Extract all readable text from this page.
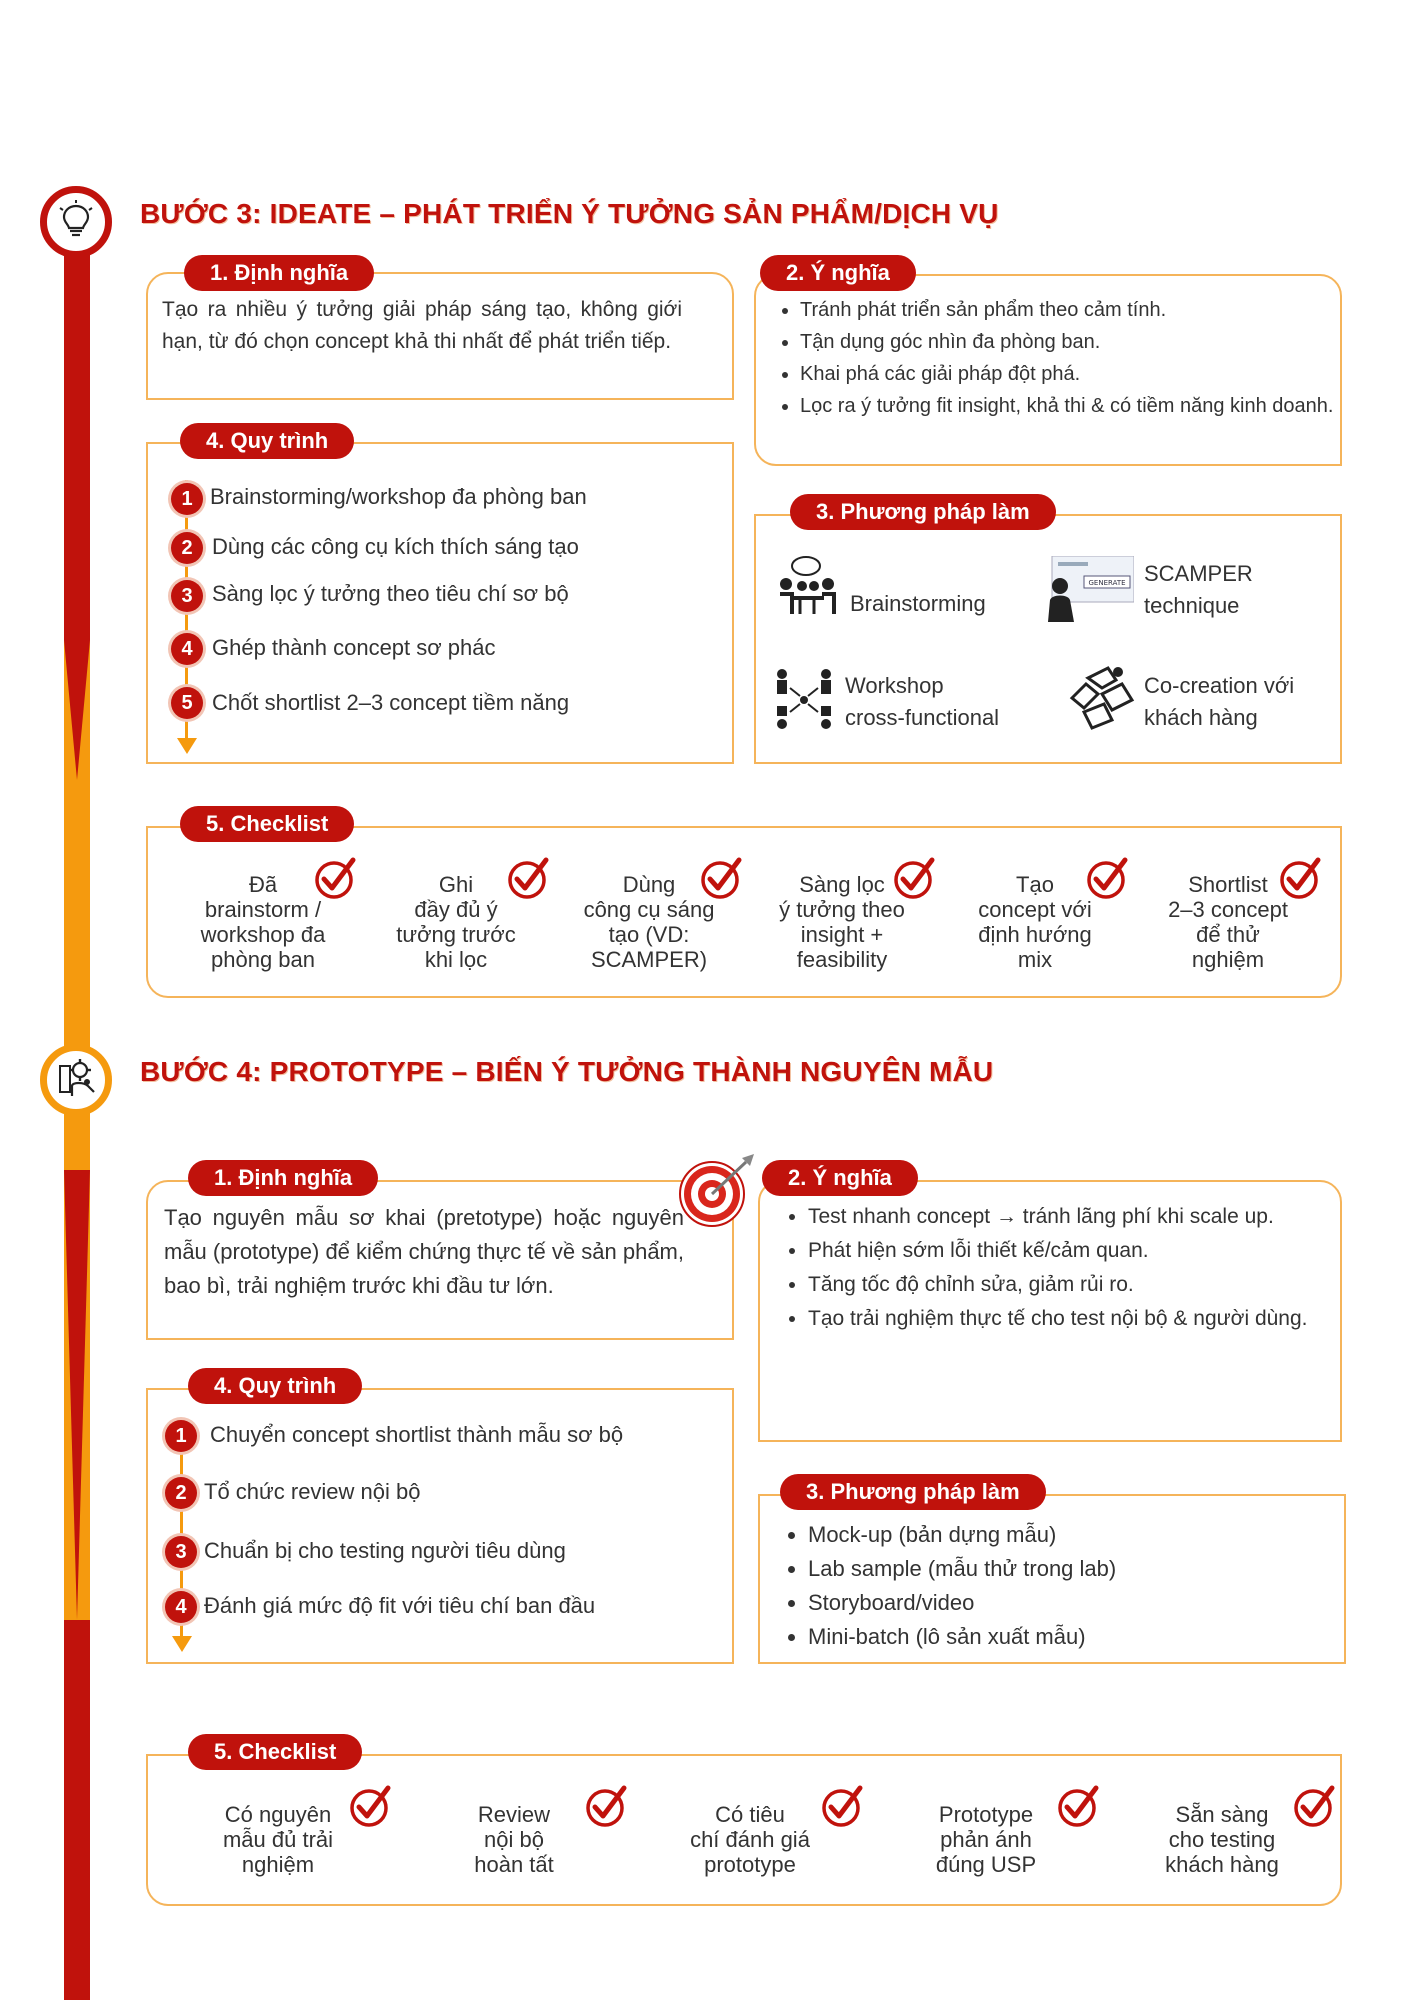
BƯỚC 3: IDEATE – PHÁT TRIỂN Ý TƯỞNG SẢN PHẨM/DỊCH VỤ
1. Định nghĩa
Tạo ra nhiều ý tưởng giải pháp sáng tạo, không giới hạn, từ đó chọn concept khả thi nhất để phát triển tiếp.
2. Ý nghĩa
• Tránh phát triển sản phẩm theo cảm tính.
• Tận dụng góc nhìn đa phòng ban.
• Khai phá các giải pháp đột phá.
• Lọc ra ý tưởng fit insight, khả thi & có tiềm năng kinh doanh.
4. Quy trình
1 Brainstorming/workshop đa phòng ban
2 Dùng các công cụ kích thích sáng tạo
3 Sàng lọc ý tưởng theo tiêu chí sơ bộ
4 Ghép thành concept sơ phác
5 Chốt shortlist 2–3 concept tiềm năng
3. Phương pháp làm
Brainstorming
GENERATE SCAMPER
technique
Workshop
cross-functional
Co-creation với
khách hàng
5. Checklist
Đã
brainstorm /
workshop đa
phòng ban
Ghi
đầy đủ ý
tưởng trước
khi lọc
Dùng
công cụ sáng
tạo (VD:
SCAMPER)
Sàng lọc
ý tưởng theo
insight +
feasibility
Tạo
concept với
định hướng
mix
Shortlist
2–3 concept
để thử
nghiệm
BƯỚC 4: PROTOTYPE – BIẾN Ý TƯỞNG THÀNH NGUYÊN MẪU
1. Định nghĩa
Tạo nguyên mẫu sơ khai (pretotype) hoặc nguyên mẫu (prototype) để kiểm chứng thực tế về sản phẩm, bao bì, trải nghiệm trước khi đầu tư lớn.
2. Ý nghĩa
• Test nhanh concept → tránh lãng phí khi scale up.
• Phát hiện sớm lỗi thiết kế/cảm quan.
• Tăng tốc độ chỉnh sửa, giảm rủi ro.
• Tạo trải nghiệm thực tế cho test nội bộ & người dùng.
4. Quy trình
1	Chuyển concept shortlist thành mẫu sơ bộ
2 Tổ chức review nội bộ
3 Chuẩn bị cho testing người tiêu dùng
4 Đánh giá mức độ fit với tiêu chí ban đầu
3. Phương pháp làm
• Mock-up (bản dựng mẫu)
• Lab sample (mẫu thử trong lab)
• Storyboard/video
• Mini-batch (lô sản xuất mẫu)
5. Checklist
Có nguyên
mẫu đủ trải
nghiệm
Review
nội bộ
hoàn tất
Có tiêu
chí đánh giá
prototype
Prototype
phản ánh
đúng USP
Sẵn sàng
cho testing
khách hàng
